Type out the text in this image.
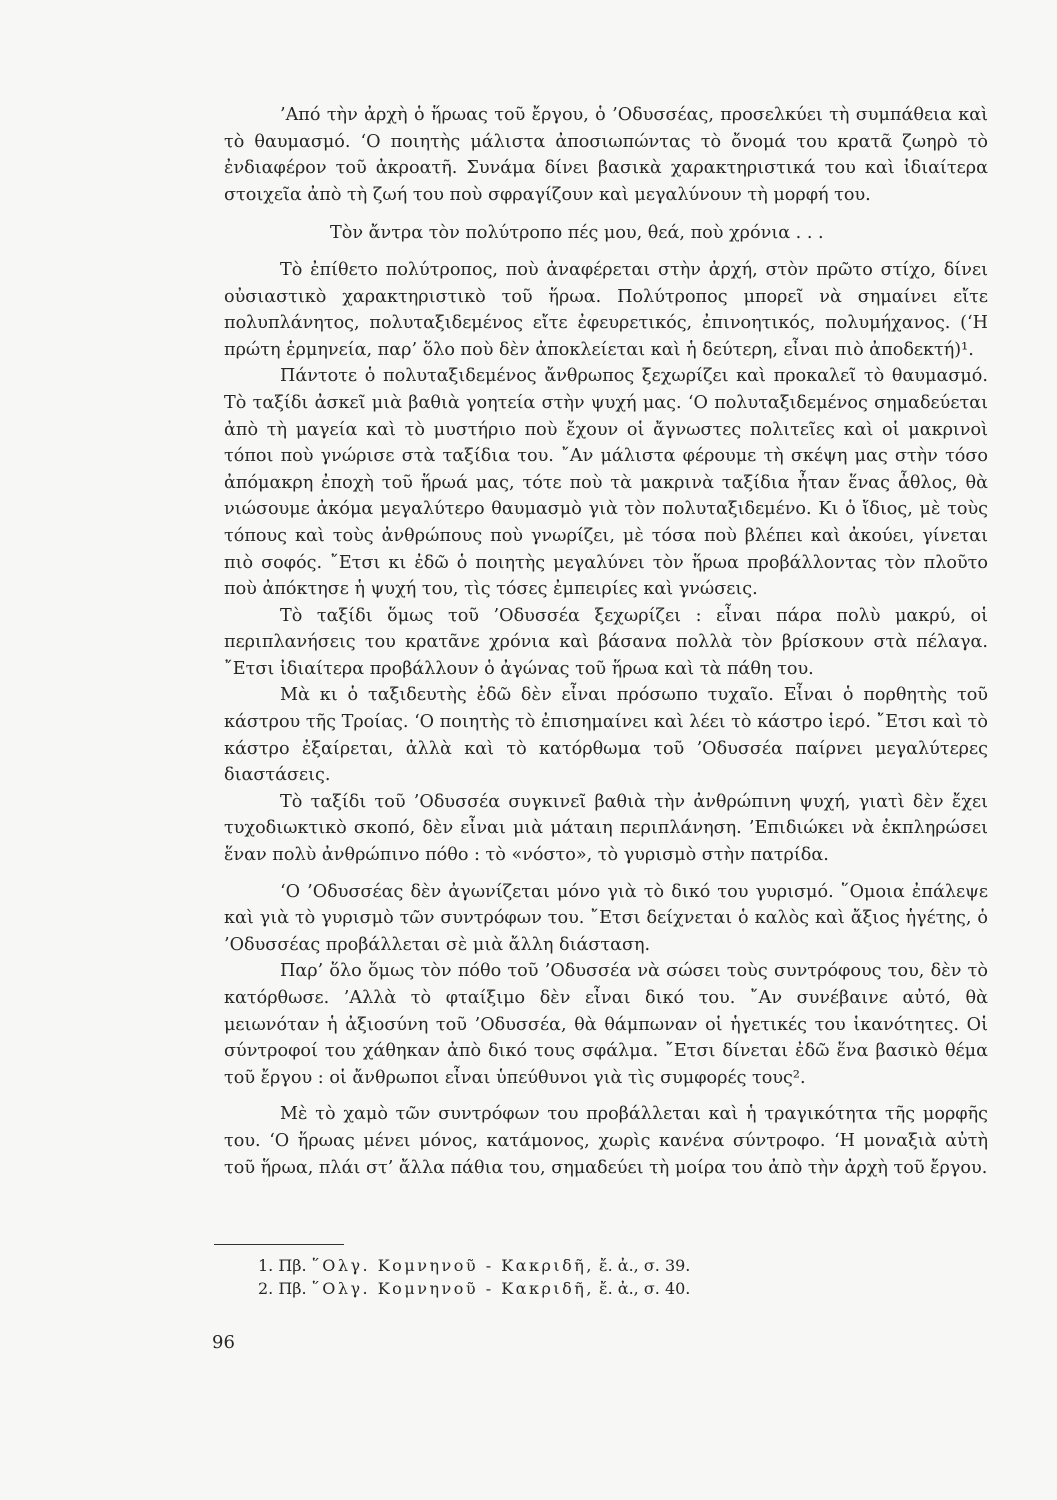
’Από τὴν ἀρχὴ ὁ ἥρωας τοῦ ἔργου, ὁ ’Οδυσσέας, προσελκύει τὴ συμπάθεια καὶ τὸ θαυμασμό. ‘Ο ποιητὴς μάλιστα ἀποσιωπώντας τὸ ὄνομά του κρατᾶ ζωηρὸ τὸ ἐνδιαφέρον τοῦ ἀκροατῆ. Συνάμα δίνει βασικὰ χαρακτηριστικά του καὶ ἰδιαίτερα στοιχεῖα ἀπὸ τὴ ζωή του ποὺ σφραγίζουν καὶ μεγαλύνουν τὴ μορφή του.

Τὸν ἄντρα τὸν πολύτροπο πές μου, θεά, ποὺ χρόνια . . .

Τὸ ἐπίθετο πολύτροπος, ποὺ ἀναφέρεται στὴν ἀρχή, στὸν πρῶτο στίχο, δίνει οὐσιαστικὸ χαρακτηριστικὸ τοῦ ἥρωα. Πολύτροπος μπορεῖ νὰ σημαίνει εἴτε πολυπλάνητος, πολυταξιδεμένος εἴτε ἐφευρετικός, ἐπινοητικός, πολυμήχανος. (‘Η πρώτη ἑρμηνεία, παρ’ ὅλο ποὺ δὲν ἀποκλείεται καὶ ἡ δεύτερη, εἶναι πιὸ ἀποδεκτή)¹.

Πάντοτε ὁ πολυταξιδεμένος ἄνθρωπος ξεχωρίζει καὶ προκαλεῖ τὸ θαυμασμό. Τὸ ταξίδι ἀσκεῖ μιὰ βαθιὰ γοητεία στὴν ψυχή μας. ‘Ο πολυταξιδεμένος σημαδεύεται ἀπὸ τὴ μαγεία καὶ τὸ μυστήριο ποὺ ἔχουν οἱ ἄγνωστες πολιτεῖες καὶ οἱ μακρινοὶ τόποι ποὺ γνώρισε στὰ ταξίδια του. ῎Αν μάλιστα φέρουμε τὴ σκέψη μας στὴν τόσο ἀπόμακρη ἐποχὴ τοῦ ἥρωά μας, τότε ποὺ τὰ μακρινὰ ταξίδια ἦταν ἕνας ἆθλος, θὰ νιώσουμε ἀκόμα μεγαλύτερο θαυμασμὸ γιὰ τὸν πολυταξιδεμένο. Κι ὁ ἴδιος, μὲ τοὺς τόπους καὶ τοὺς ἀνθρώπους ποὺ γνωρίζει, μὲ τόσα ποὺ βλέπει καὶ ἀκούει, γίνεται πιὸ σοφός. ῎Ετσι κι ἐδῶ ὁ ποιητὴς μεγαλύνει τὸν ἥρωα προβάλλοντας τὸν πλοῦτο ποὺ ἀπόκτησε ἡ ψυχή του, τὶς τόσες ἐμπειρίες καὶ γνώσεις.

Τὸ ταξίδι ὅμως τοῦ ’Οδυσσέα ξεχωρίζει : εἶναι πάρα πολὺ μακρύ, οἱ περιπλανήσεις του κρατᾶνε χρόνια καὶ βάσανα πολλὰ τὸν βρίσκουν στὰ πέλαγα. ῎Ετσι ἰδιαίτερα προβάλλουν ὁ ἀγώνας τοῦ ἥρωα καὶ τὰ πάθη του.

Μὰ κι ὁ ταξιδευτὴς ἐδῶ δὲν εἶναι πρόσωπο τυχαῖο. Εἶναι ὁ πορθητὴς τοῦ κάστρου τῆς Τροίας. ‘Ο ποιητὴς τὸ ἐπισημαίνει καὶ λέει τὸ κάστρο ἱερό. ῎Ετσι καὶ τὸ κάστρο ἐξαίρεται, ἀλλὰ καὶ τὸ κατόρθωμα τοῦ ’Οδυσσέα παίρνει μεγαλύτερες διαστάσεις.

Τὸ ταξίδι τοῦ ’Οδυσσέα συγκινεῖ βαθιὰ τὴν ἀνθρώπινη ψυχή, γιατὶ δὲν ἔχει τυχοδιωκτικὸ σκοπό, δὲν εἶναι μιὰ μάταιη περιπλάνηση. ’Επιδιώκει νὰ ἐκπληρώσει ἕναν πολὺ ἀνθρώπινο πόθο : τὸ «νόστο», τὸ γυρισμὸ στὴν πατρίδα.

‘Ο ’Οδυσσέας δὲν ἀγωνίζεται μόνο γιὰ τὸ δικό του γυρισμό. ῞Ομοια ἐπάλεψε καὶ γιὰ τὸ γυρισμὸ τῶν συντρόφων του. ῎Ετσι δείχνεται ὁ καλὸς καὶ ἄξιος ἡγέτης, ὁ ’Οδυσσέας προβάλλεται σὲ μιὰ ἄλλη διάσταση.

Παρ’ ὅλο ὅμως τὸν πόθο τοῦ ’Οδυσσέα νὰ σώσει τοὺς συντρόφους του, δὲν τὸ κατόρθωσε. ’Αλλὰ τὸ φταίξιμο δὲν εἶναι δικό του. ῎Αν συνέβαινε αὐτό, θὰ μειωνόταν ἡ ἀξιοσύνη τοῦ ’Οδυσσέα, θὰ θάμπωναν οἱ ἡγετικές του ἱκανότητες. Οἱ σύντροφοί του χάθηκαν ἀπὸ δικό τους σφάλμα. ῎Ετσι δίνεται ἐδῶ ἕνα βασικὸ θέμα τοῦ ἔργου : οἱ ἄνθρωποι εἶναι ὑπεύθυνοι γιὰ τὶς συμφορές τους².

Μὲ τὸ χαμὸ τῶν συντρόφων του προβάλλεται καὶ ἡ τραγικότητα τῆς μορφῆς του. ‘Ο ἥρωας μένει μόνος, κατάμονος, χωρὶς κανένα σύντροφο. ‘Η μοναξιὰ αὐτὴ τοῦ ἥρωα, πλάι στ’ ἄλλα πάθια του, σημαδεύει τὴ μοίρα του ἀπὸ τὴν ἀρχὴ τοῦ ἔργου.

1. Πβ. ῞Ολγ. Κομνηνοῦ - Κακριδῆ, ἔ. ἀ., σ. 39.
2. Πβ. ῞Ολγ. Κομνηνοῦ - Κακριδῆ, ἔ. ἀ., σ. 40.
96
